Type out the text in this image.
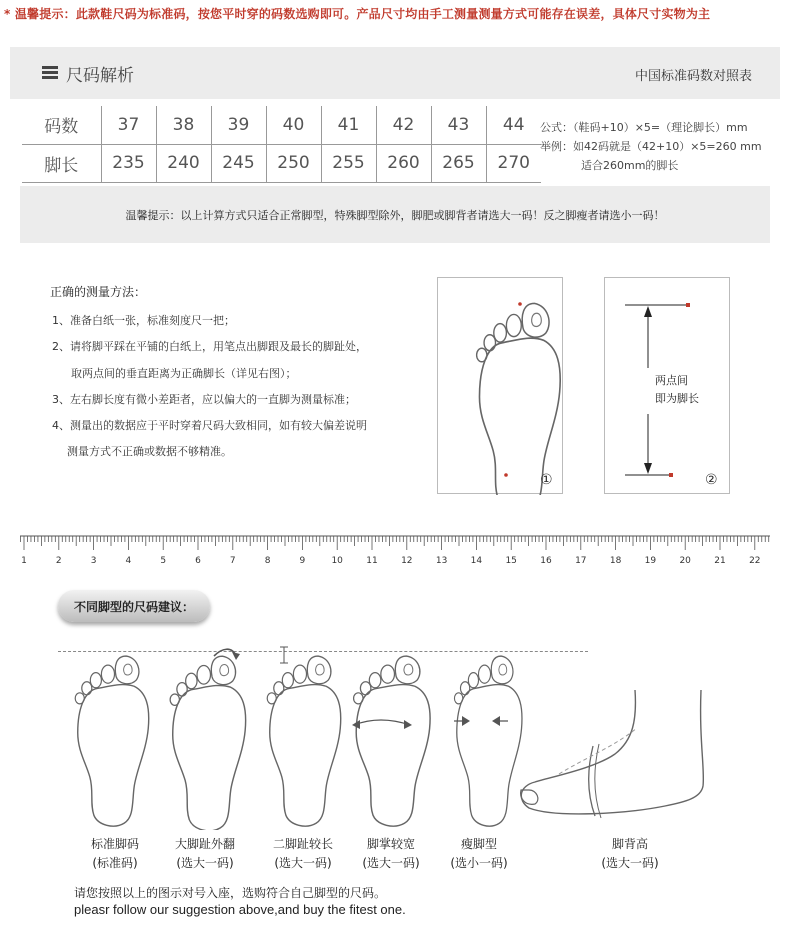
* 温馨提示：此款鞋尺码为标准码，按您平时穿的码数选购即可。产品尺寸均由手工测量测量方式可能存在误差，具体尺寸实物为主
尺码解析	中国标准码数对照表
码数	37	38	39	40	41	42	43	44
脚长	235	240	245	250	255	260	265	270
公式：（鞋码+10）×5=（理论脚长）mm
举例：如42码就是（42+10）×5=260 mm
适合260mm的脚长
温馨提示：以上计算方式只适合正常脚型，特殊脚型除外，脚肥或脚背者请选大一码！反之脚瘦者请选小一码！
正确的测量方法：
1、准备白纸一张，标准刻度尺一把；
2、请将脚平踩在平铺的白纸上，用笔点出脚跟及最长的脚趾处，
取两点间的垂直距离为正确脚长（详见右图）；
3、左右脚长度有微小差距者，应以偏大的一直脚为测量标准；
4、测量出的数据应于平时穿着尺码大致相同，如有较大偏差说明
测量方式不正确或数据不够精准。
①	②
两点间
即为脚长
1	2	3	4	5	6	7	8	9	10	11	12	13	14	15	16	17	18	19	20	21	22
不同脚型的尺码建议：
标准脚码
(标准码)
大脚趾外翻
(选大一码)
二脚趾较长
(选大一码)
脚掌较宽
(选大一码)
瘦脚型
(选小一码)
脚背高
(选大一码)
请您按照以上的图示对号入座，选购符合自己脚型的尺码。
pleasr follow our suggestion above,and buy the fitest one.
